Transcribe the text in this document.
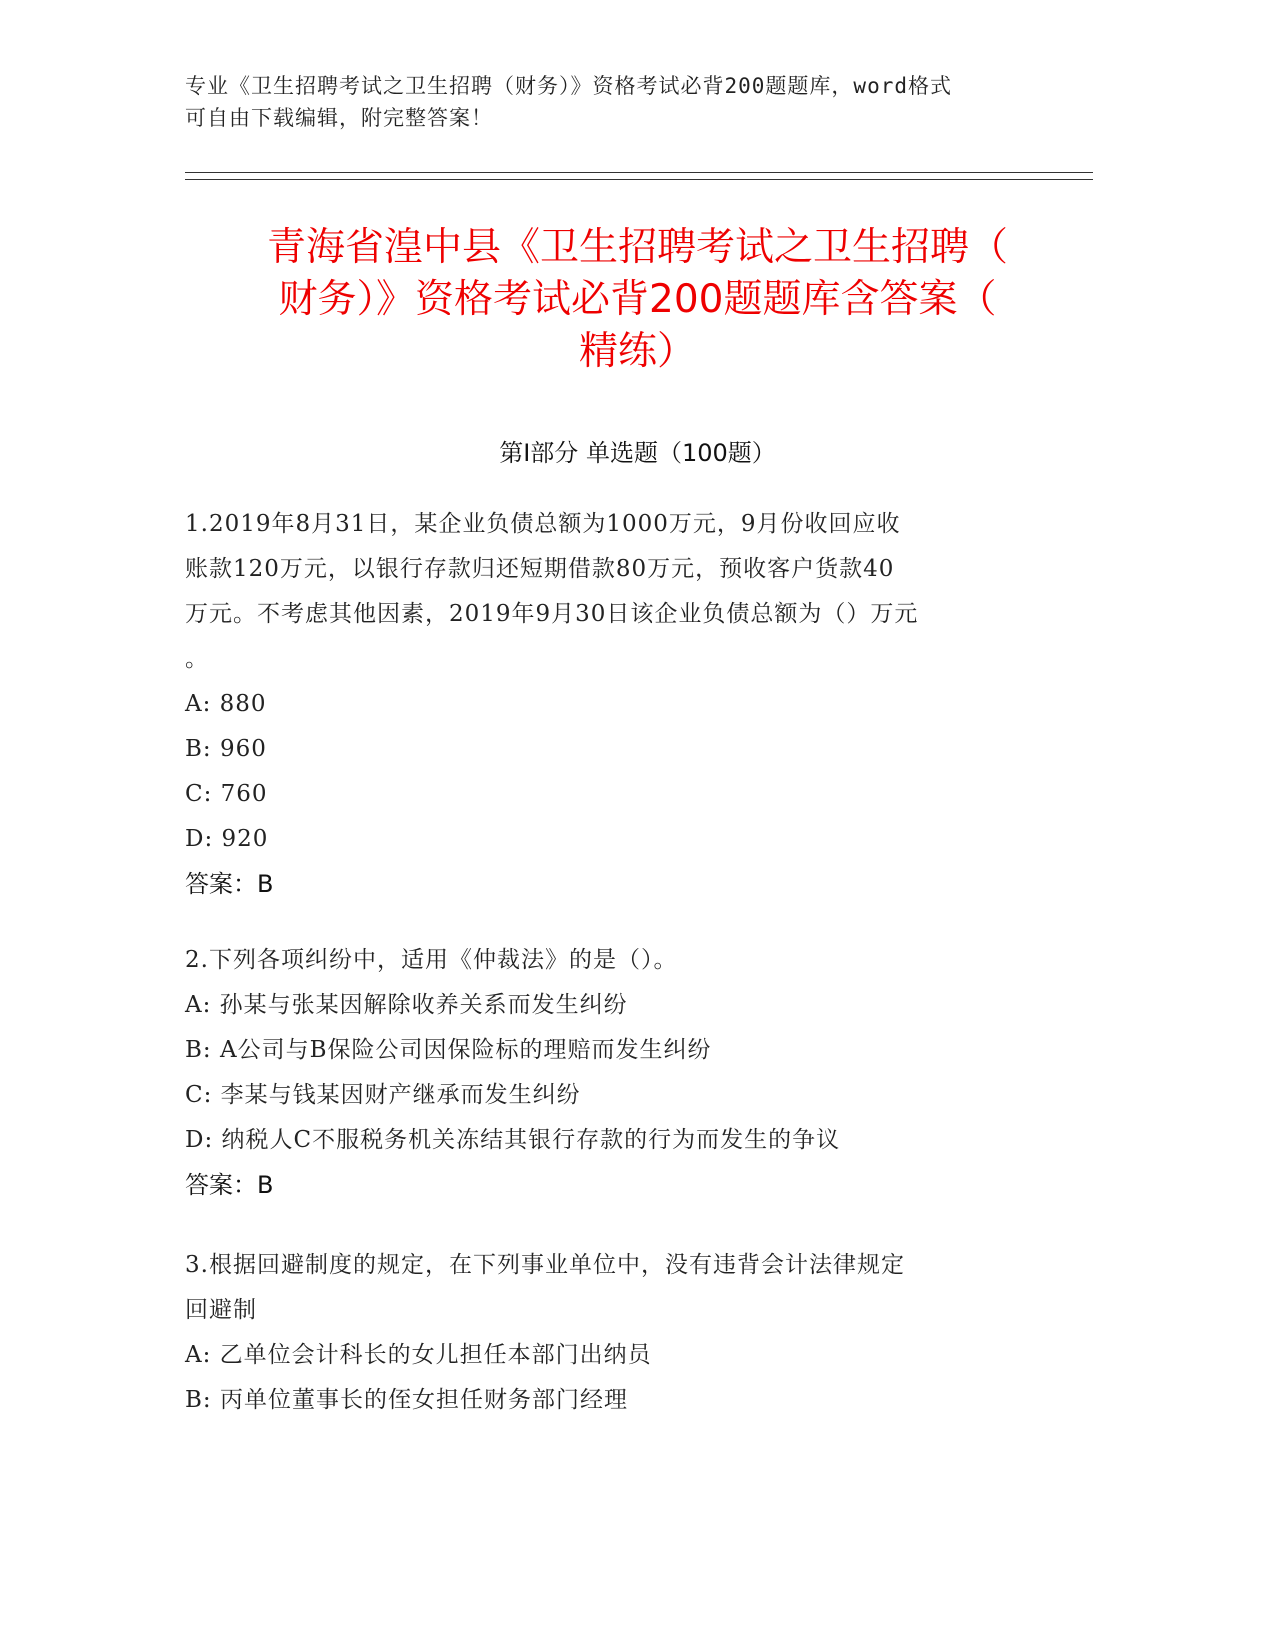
专业《卫生招聘考试之卫生招聘（财务）》资格考试必背200题题库，word格式
可自由下载编辑，附完整答案！
青海省湟中县《卫生招聘考试之卫生招聘（
财务）》资格考试必背200题题库含答案（
精练）
第I部分 单选题（100题）
1.2019年8月31日，某企业负债总额为1000万元，9月份收回应收
账款120万元，以银行存款归还短期借款80万元，预收客户货款40
万元。不考虑其他因素，2019年9月30日该企业负债总额为（）万元
。
A: 880
B: 960
C: 760
D: 920
答案：B
2.下列各项纠纷中，适用《仲裁法》的是（）。
A: 孙某与张某因解除收养关系而发生纠纷
B: A公司与B保险公司因保险标的理赔而发生纠纷
C: 李某与钱某因财产继承而发生纠纷
D: 纳税人C不服税务机关冻结其银行存款的行为而发生的争议
答案：B
3.根据回避制度的规定，在下列事业单位中，没有违背会计法律规定
回避制
A: 乙单位会计科长的女儿担任本部门出纳员
B: 丙单位董事长的侄女担任财务部门经理
